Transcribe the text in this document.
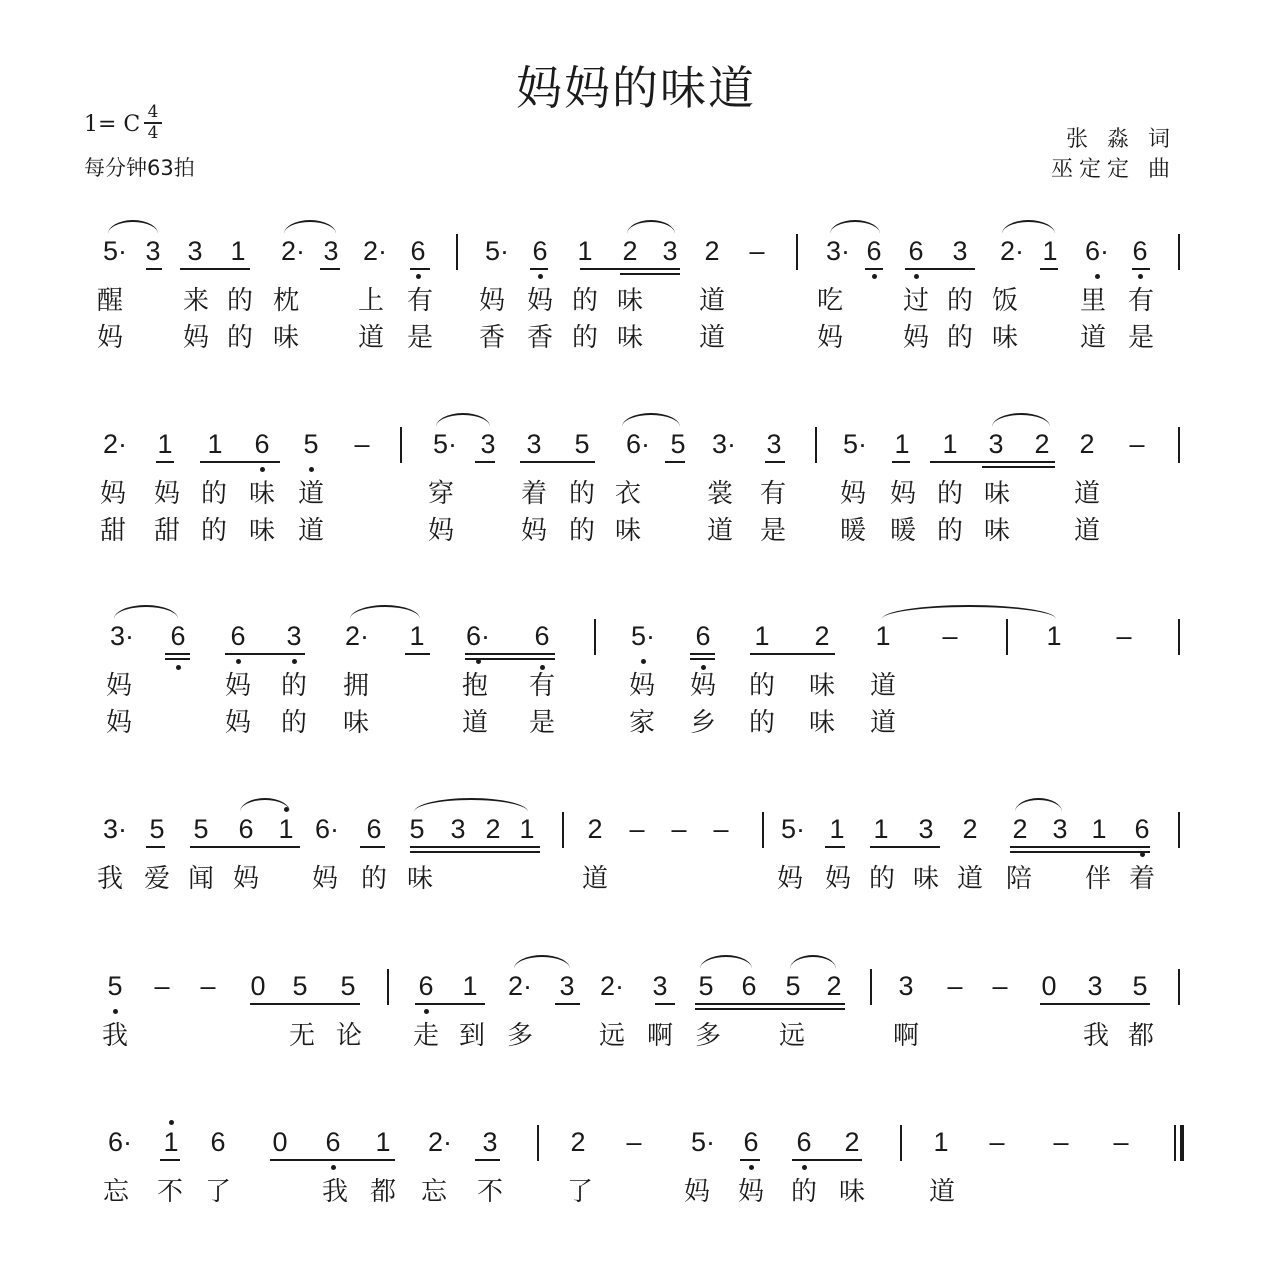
妈妈的味道
1= C 4
4
每分钟63拍
张 淼 词
巫定定 曲
5· 3 3 1 2· 3 2· 6 5· 6 1 2 3 2 – 3· 6 6 3 2· 1 6· 6
醒 来 的 枕 上 有 妈 妈 的 味 道	吃 过 的 饭 里 有
妈 妈 的 味 道 是 香 香 的 味 道	妈 妈 的 味 道 是
2· 1 1 6 5 – 5· 3 3 5 6· 5 3· 3 5· 1 1 3 2 2 –
妈 妈 的 味 道	穿	着 的 衣	裳 有 妈 妈 的 味 道
甜 甜 的 味 道	妈	妈 的 味	道 是 暖 暖 的 味 道
3· 6 6 3 2· 1 6· 6	5· 6 1 2 1 –	1 –
妈	妈 的 拥	抱 有	妈 妈 的 味 道
妈	妈 的 味	道 是	家 乡 的 味 道
3· 5 5 6 1 6· 6 5 3 2 1 2 – – – 5· 1 1 3 2 2 3 1 6
我 爱 闻 妈 妈 的 味	道	妈 妈 的 味 道 陪 伴 着
5 – – 0 5 5 6 1 2· 3 2· 3 5 6 5 2 3 – – 0 3 5
我	无 论 走 到 多	远 啊 多 远	啊	我 都
6· 1 6 0 6 1 2· 3	2 – 5· 6 6 2	1 – – –
忘 不 了	我 都 忘 不 了	妈 妈 的 味 道
